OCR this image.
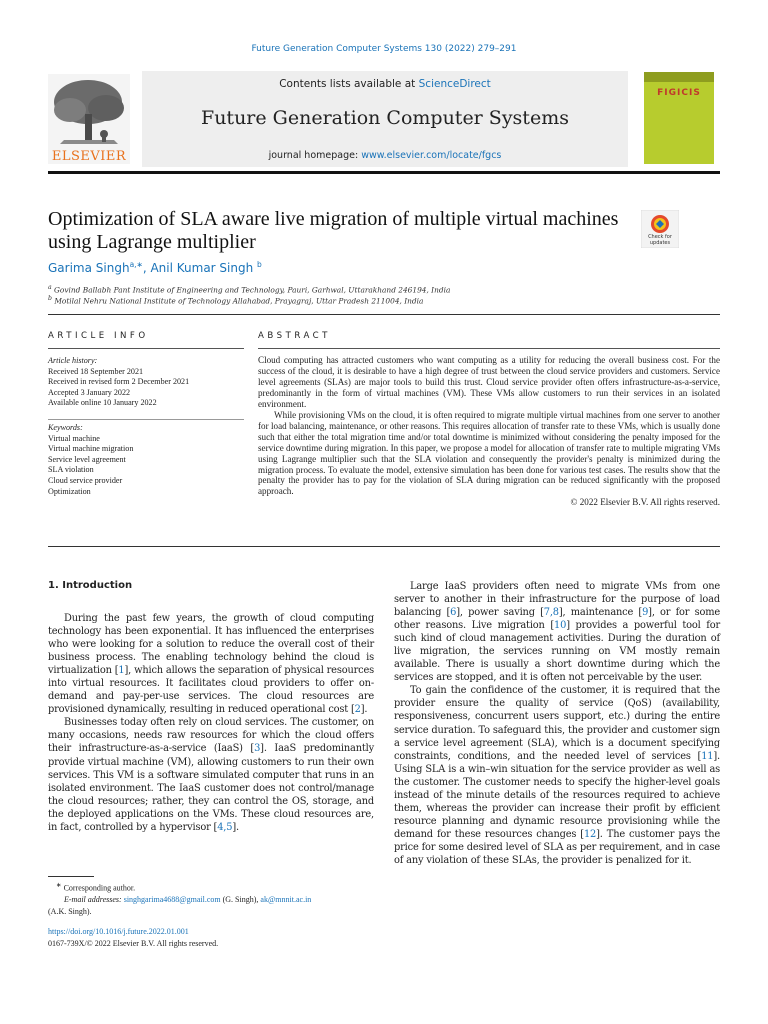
Future Generation Computer Systems 130 (2022) 279–291
ELSEVIER
Contents lists available at ScienceDirect
Future Generation Computer Systems
journal homepage: www.elsevier.com/locate/fgcs
FIGICIS
Optimization of SLA aware live migration of multiple virtual machines using Lagrange multiplier	Check for updates
Garima Singh$^{a,∗}$, Anil Kumar Singh $^b$
$^a$ Govind Ballabh Pant Institute of Engineering and Technology, Pauri, Garhwal, Uttarakhand 246194, India
$^b$ Motilal Nehru National Institute of Technology Allahabad, Prayagraj, Uttar Pradesh 211004, India
ARTICLE INFO	ABSTRACT
Article history:
Received 18 September 2021
Received in revised form 2 December 2021
Accepted 3 January 2022
Available online 10 January 2022
Keywords:
Virtual machine
Virtual machine migration
Service level agreement
SLA violation
Cloud service provider
Optimization

Cloud computing has attracted customers who want computing as a utility for reducing the overall business cost. For the success of the cloud, it is desirable to have a high degree of trust between the cloud service providers and customers. Service level agreements (SLAs) are major tools to build this trust. Cloud service provider often offers infrastructure-as-a-service, predominantly in the form of virtual machines (VM). These VMs allow customers to run their services in an isolated environment.

While provisioning VMs on the cloud, it is often required to migrate multiple virtual machines from one server to another for load balancing, maintenance, or other reasons. This requires allocation of transfer rate to these VMs, which is usually done such that either the total migration time and/or total downtime is minimized without considering the penalty imposed for the service downtime during migration. In this paper, we propose a model for allocation of transfer rate to multiple migrating VMs using Lagrange multiplier such that the SLA violation and consequently the provider's penalty is minimized during the migration process. To evaluate the model, extensive simulation has been done for various test cases. The results show that the penalty the provider has to pay for the violation of SLA during migration can be reduced significantly with the proposed approach.

© 2022 Elsevier B.V. All rights reserved.
1. Introduction

During the past few years, the growth of cloud computing technology has been exponential. It has influenced the enterprises who were looking for a solution to reduce the overall cost of their business process. The enabling technology behind the cloud is virtualization [1], which allows the separation of physical resources into virtual resources. It facilitates cloud providers to offer on-demand and pay-per-use services. The cloud resources are provisioned dynamically, resulting in reduced operational cost [2].

Businesses today often rely on cloud services. The customer, on many occasions, needs raw resources for which the cloud offers their infrastructure-as-a-service (IaaS) [3]. IaaS predominantly provide virtual machine (VM), allowing customers to run their own services. This VM is a software simulated computer that runs in an isolated environment. The IaaS customer does not control/manage the cloud resources; rather, they can control the OS, storage, and the deployed applications on the VMs. These cloud resources are, in fact, controlled by a hypervisor [4,5].

Large IaaS providers often need to migrate VMs from one server to another in their infrastructure for the purpose of load balancing [6], power saving [7,8], maintenance [9], or for some other reasons. Live migration [10] provides a powerful tool for such kind of cloud management activities. During the duration of live migration, the services running on VM mostly remain available. There is usually a short downtime during which the services are stopped, and it is often not perceivable by the user.

To gain the confidence of the customer, it is required that the provider ensure the quality of service (QoS) (availability, responsiveness, concurrent users support, etc.) during the entire service duration. To safeguard this, the provider and customer sign a service level agreement (SLA), which is a document specifying constraints, conditions, and the needed level of services [11]. Using SLA is a win–win situation for the service provider as well as the customer. The customer needs to specify the higher-level goals instead of the minute details of the resources required to achieve them, whereas the provider can increase their profit by efficient resource planning and dynamic resource provisioning while the demand for these resources changes [12]. The customer pays the price for some desired level of SLA as per requirement, and in case of any violation of these SLAs, the provider is penalized for it.

∗ Corresponding author.
E-mail addresses: singhgarima4688@gmail.com (G. Singh), ak@mnnit.ac.in
(A.K. Singh).
https://doi.org/10.1016/j.future.2022.01.001
0167-739X/© 2022 Elsevier B.V. All rights reserved.
